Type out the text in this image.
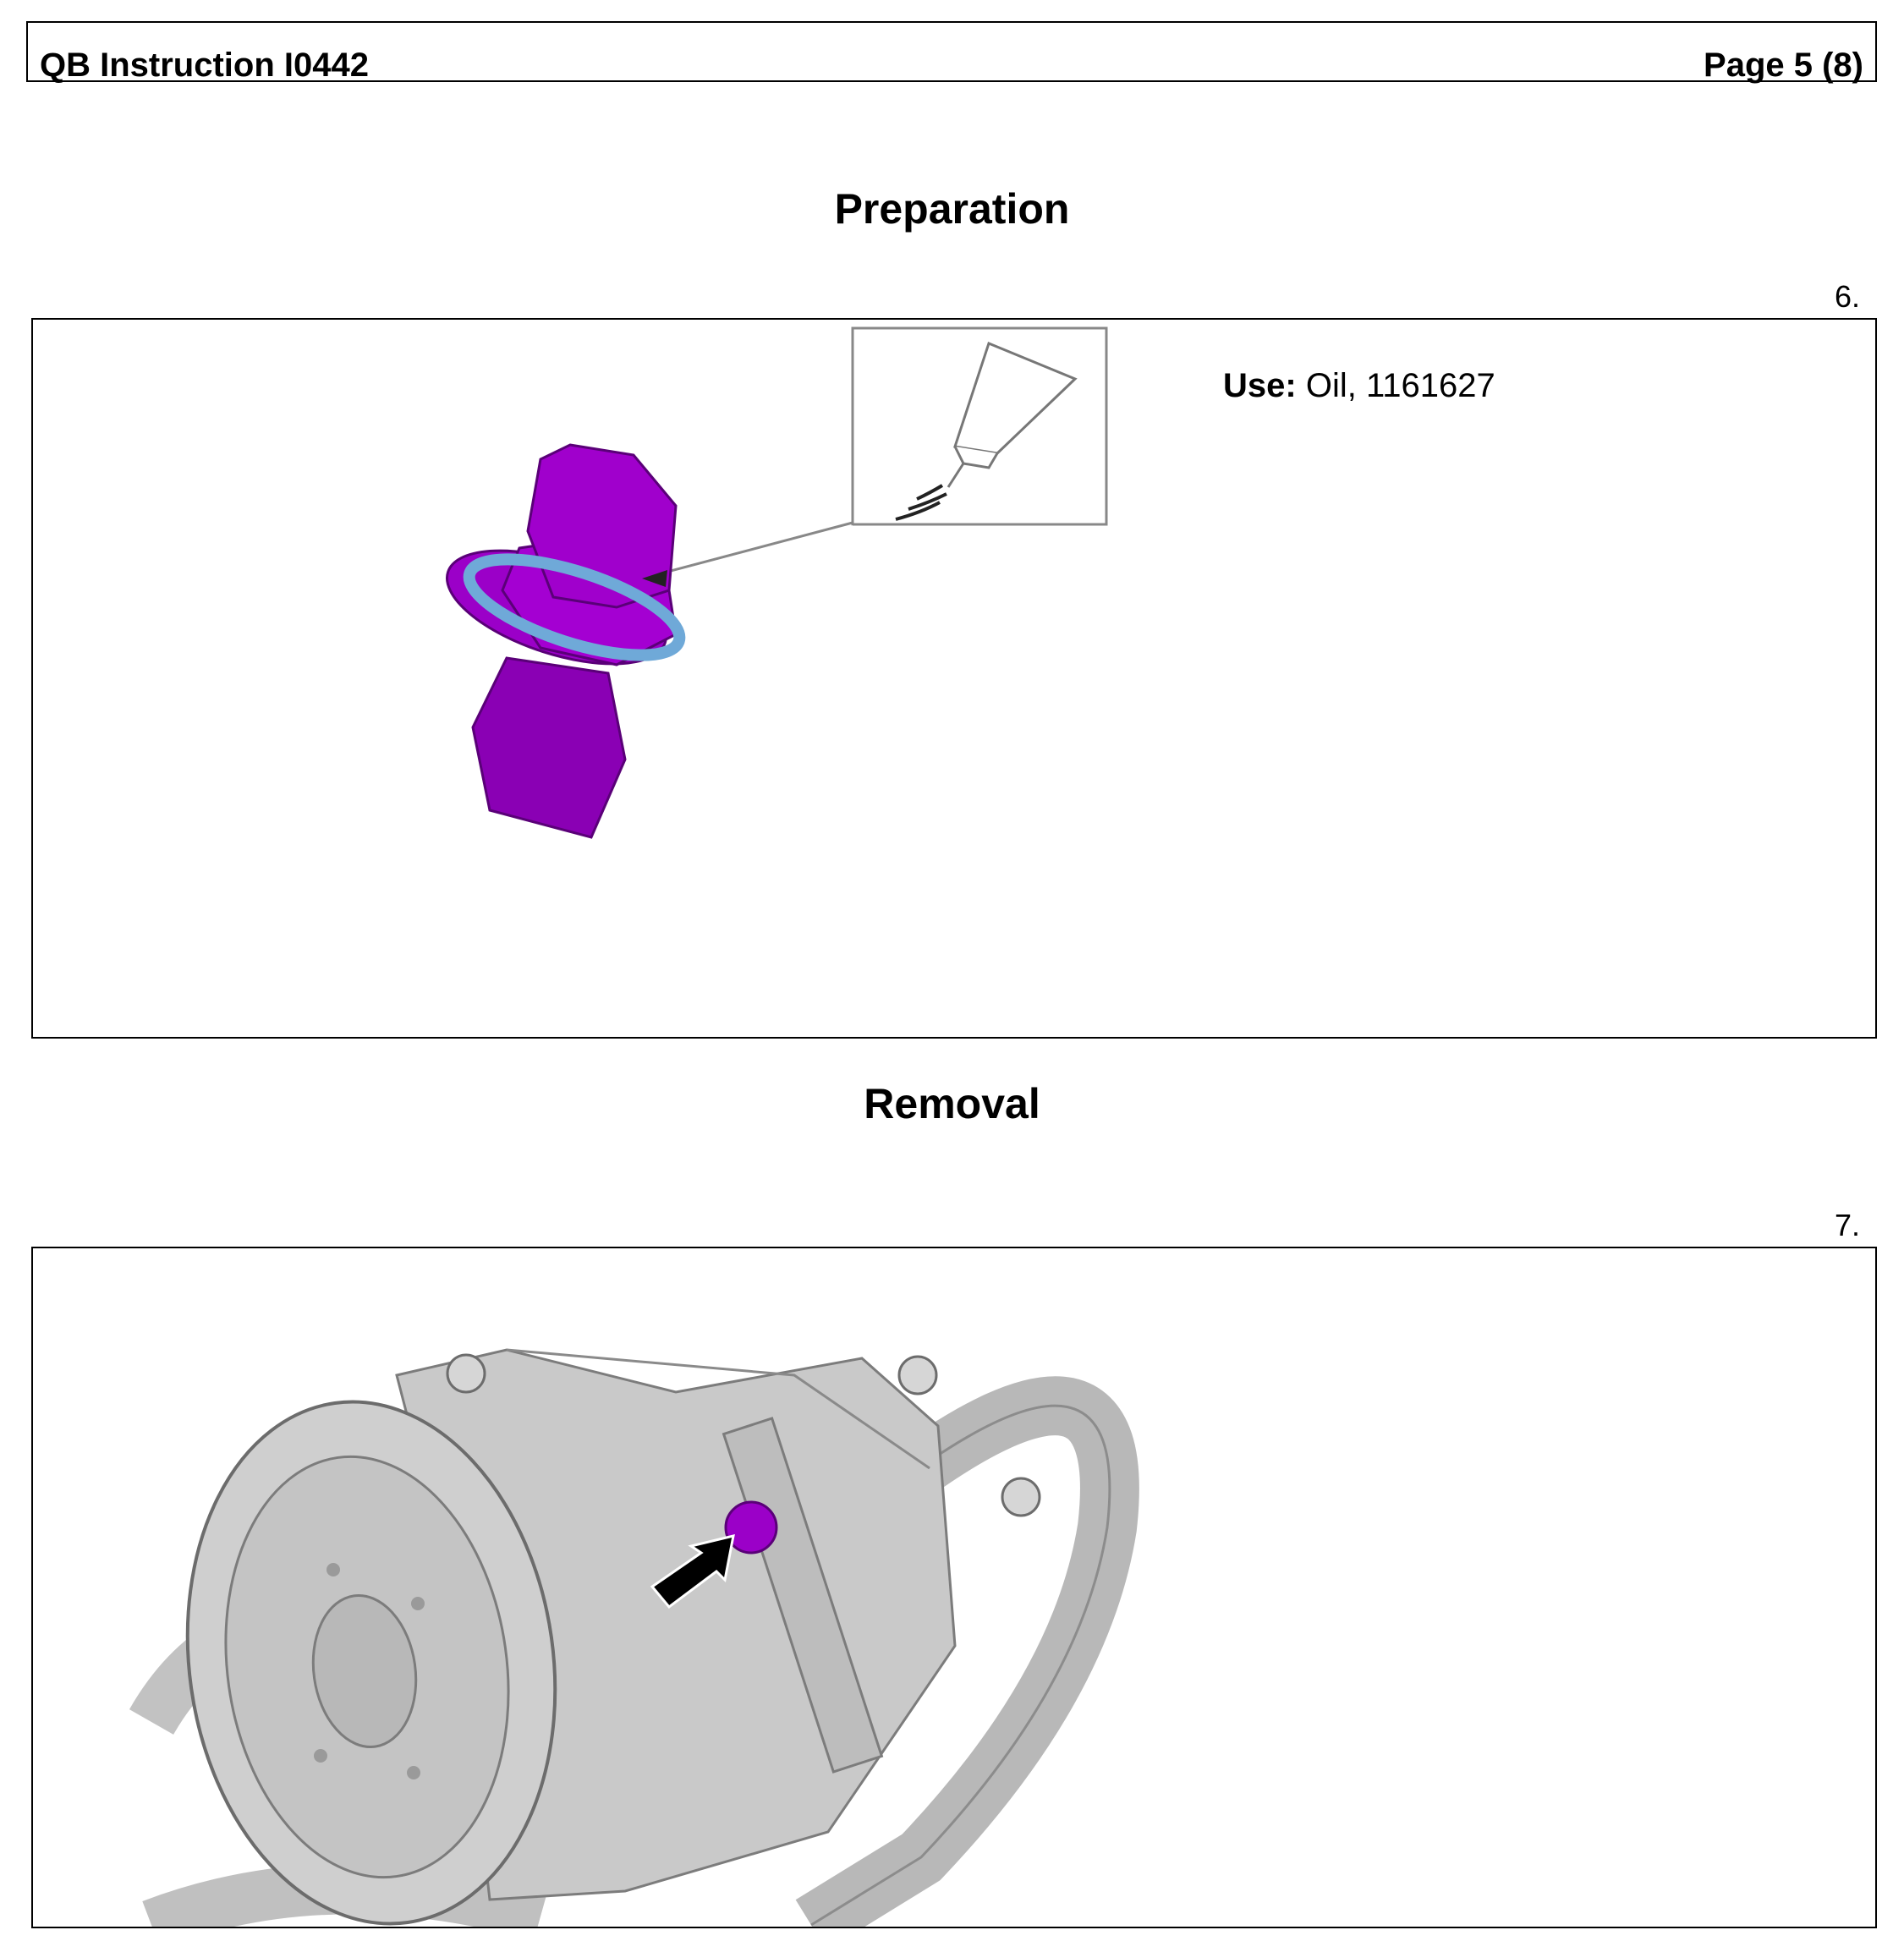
QB Instruction I0442	Page 5 (8)
Preparation
6.
Use: Oil, 1161627
Removal
7.
